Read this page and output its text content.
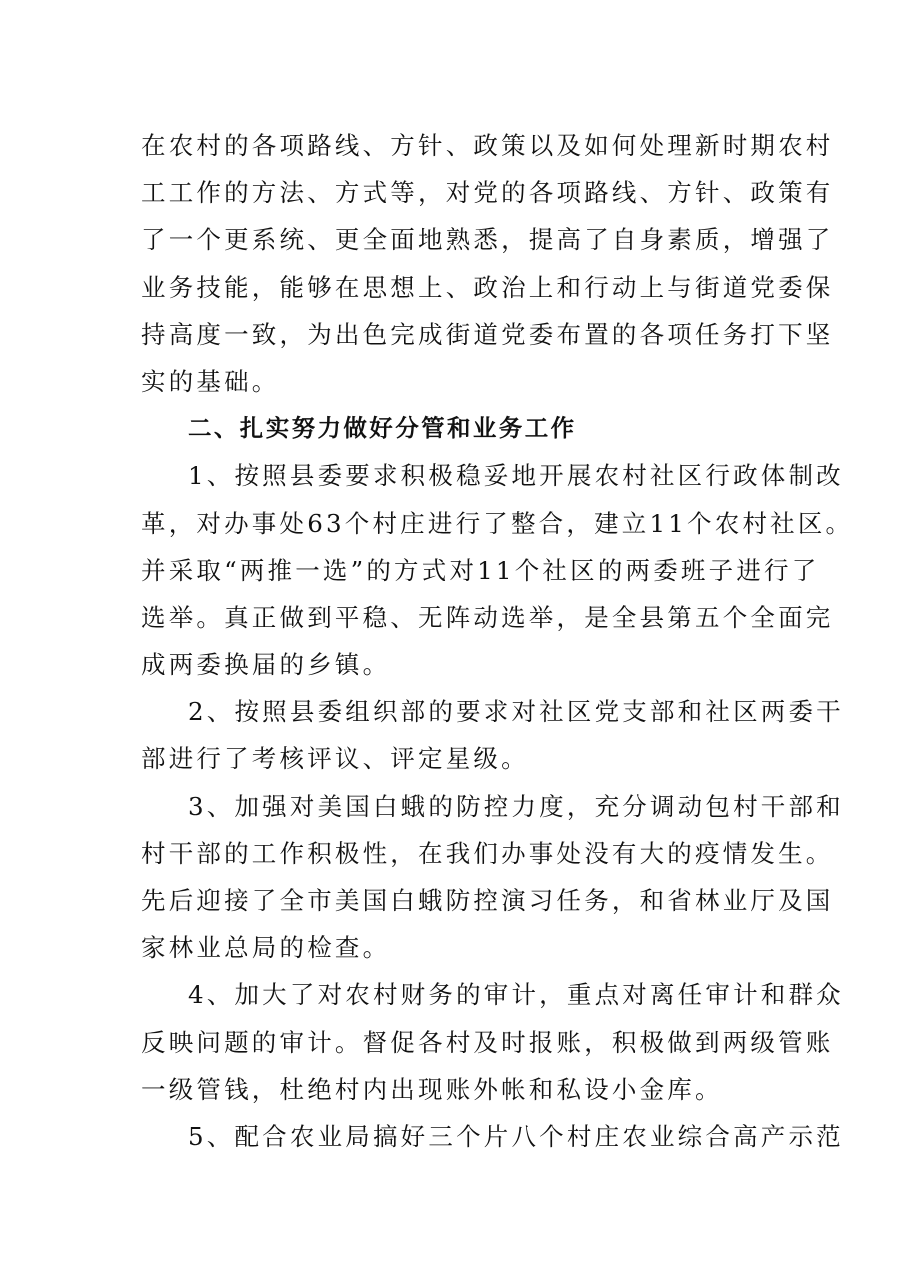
在农村的各项路线、方针、政策以及如何处理新时期农村
工工作的方法、方式等，对党的各项路线、方针、政策有
了一个更系统、更全面地熟悉，提高了自身素质，增强了
业务技能，能够在思想上、政治上和行动上与街道党委保
持高度一致，为出色完成街道党委布置的各项任务打下坚
实的基础。
二、扎实努力做好分管和业务工作
1、按照县委要求积极稳妥地开展农村社区行政体制改
革，对办事处63个村庄进行了整合，建立11个农村社区。
并采取“两推一选”的方式对11个社区的两委班子进行了
选举。真正做到平稳、无阵动选举，是全县第五个全面完
成两委换届的乡镇。
2、按照县委组织部的要求对社区党支部和社区两委干
部进行了考核评议、评定星级。
3、加强对美国白蛾的防控力度，充分调动包村干部和
村干部的工作积极性，在我们办事处没有大的疫情发生。
先后迎接了全市美国白蛾防控演习任务，和省林业厅及国
家林业总局的检查。
4、加大了对农村财务的审计，重点对离任审计和群众
反映问题的审计。督促各村及时报账，积极做到两级管账
一级管钱，杜绝村内出现账外帐和私设小金库。
5、配合农业局搞好三个片八个村庄农业综合高产示范
